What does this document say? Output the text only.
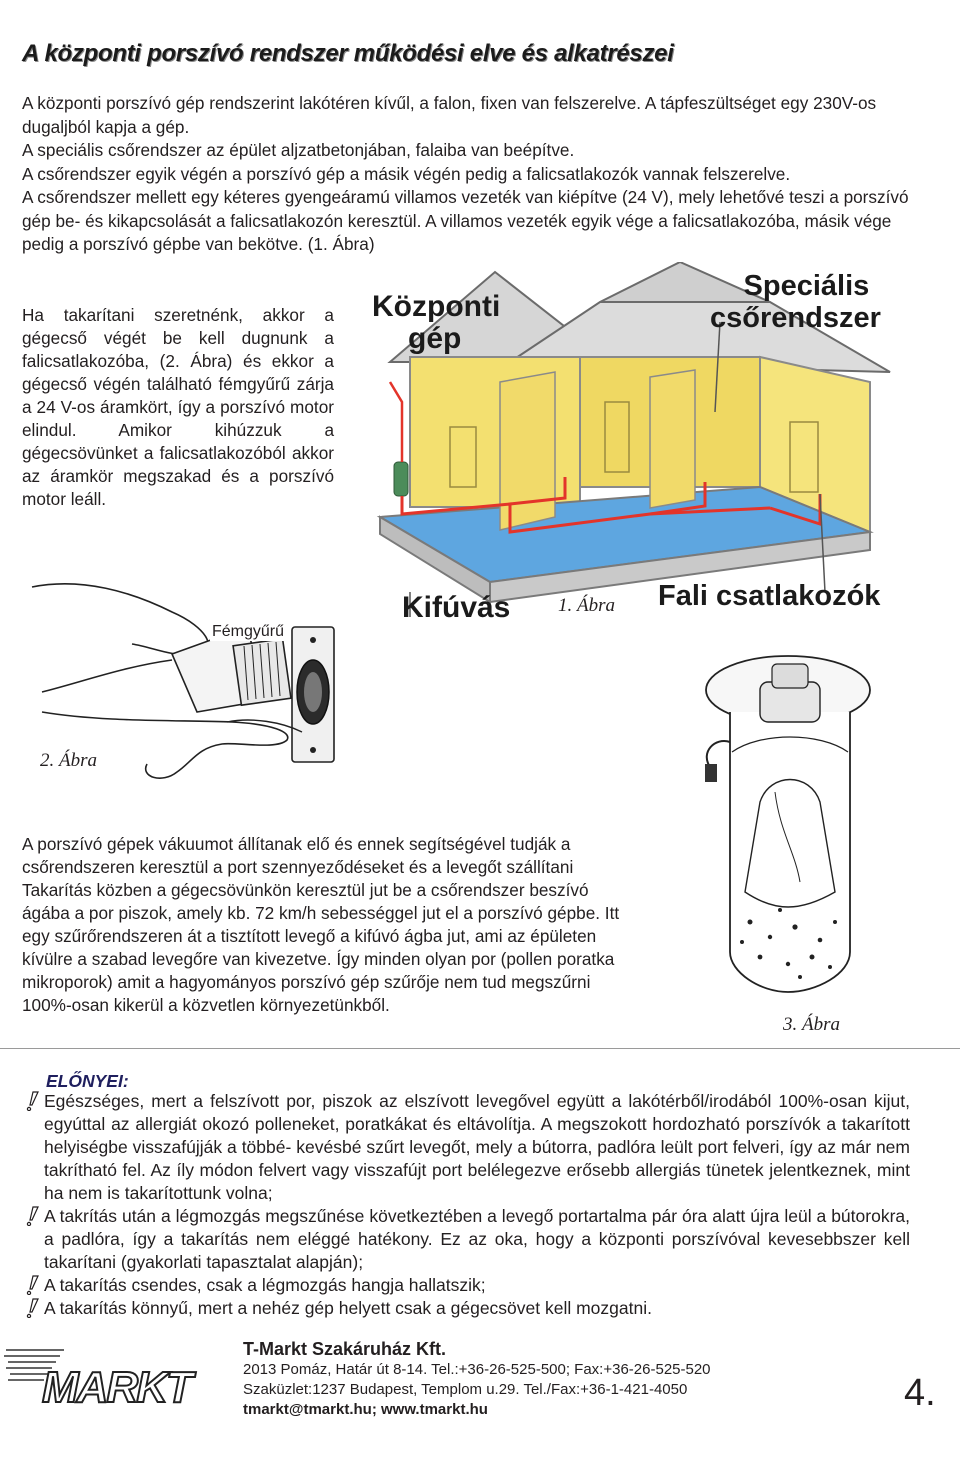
A központi porszívó rendszer működési elve és alkatrészei

A központi porszívó gép rendszerint lakótéren kívűl, a falon, fixen van felszerelve. A tápfeszültséget egy 230V-os dugaljból kapja a gép.

A speciális csőrendszer az épület aljzatbetonjában, falaiba van beépítve.

A csőrendszer egyik végén a porszívó gép a másik végén pedig a falicsatlakozók vannak felszerelve.

A csőrendszer mellett egy kéteres gyengeáramú villamos vezeték van kiépítve (24 V), mely lehetővé teszi a porszívó gép be- és kikapcsolását a falicsatlakozón keresztül. A villamos vezeték egyik vége a falicsatlakozóba, másik vége pedig a porszívó gépbe van bekötve. (1. Ábra)

Ha takarítani szeretnénk, akkor a gégecső végét be kell dugnunk a falicsatlakozóba, (2. Ábra) és ekkor a gégecső végén található fémgyűrű zárja a 24 V-os áramkört, így a porszívó motor elindul. Amikor kihúzzuk a gégecsövünket a falicsatlakozóból akkor az áramkör megszakad és a porszívó motor leáll.
Központi
gép
Speciális
csőrendszer
Kifúvás	Fali csatlakozók
1. Ábra
Fémgyűrű
2. Ábra
3. Ábra
A porszívó gépek vákuumot állítanak elő és ennek segítségével tudják a
csőrendszeren keresztül a port szennyeződéseket és a levegőt szállítani
Takarítás közben a gégecsövünkön keresztül jut be a csőrendszer beszívó
ágába a por piszok, amely kb. 72 km/h sebességgel jut el a porszívó gépbe. Itt
egy szűrőrendszeren át a tisztított levegő a kifúvó ágba jut, ami az épületen
kívülre a szabad levegőre van kivezetve. Így minden olyan por (pollen poratka
mikroporok) amit a hagyományos porszívó gép szűrője nem tud megszűrni
100%-osan kikerül a közvetlen környezetünkből.
ELŐNYEI:

Egészséges, mert a felszívott por, piszok az elszívott levegővel együtt a lakótérből/irodából 100%-osan kijut, egyúttal az allergiát okozó polleneket, poratkákat és eltávolítja. A megszokott hordozható porszívók a takarított helyiségbe visszafújják a többé- kevésbé szűrt levegőt, mely a bútorra, padlóra leült port felveri, így az már nem takrítható fel. Az íly módon felvert vagy visszafújt port belélegezve erősebb allergiás tünetek jelentkeznek, mint ha nem is takarítottunk volna;

A takrítás után a légmozgás megszűnése következtében a levegő portartalma pár óra alatt újra leül a bútorokra, a padlóra, így a takarítás nem eléggé hatékony. Ez az oka, hogy a központi porszívóval kevesebbszer kell takarítani (gyakorlati tapasztalat alapján);

A takarítás csendes, csak a légmozgás hangja hallatszik;

A takarítás könnyű, mert a nehéz gép helyett csak a gégecsövet kell mozgatni.

MARKT
T-Markt Szakáruház Kft.
2013 Pomáz, Határ út 8-14. Tel.:+36-26-525-500; Fax:+36-26-525-520
Szaküzlet:1237 Budapest, Templom u.29. Tel./Fax:+36-1-421-4050
tmarkt@tmarkt.hu; www.tmarkt.hu	4.
